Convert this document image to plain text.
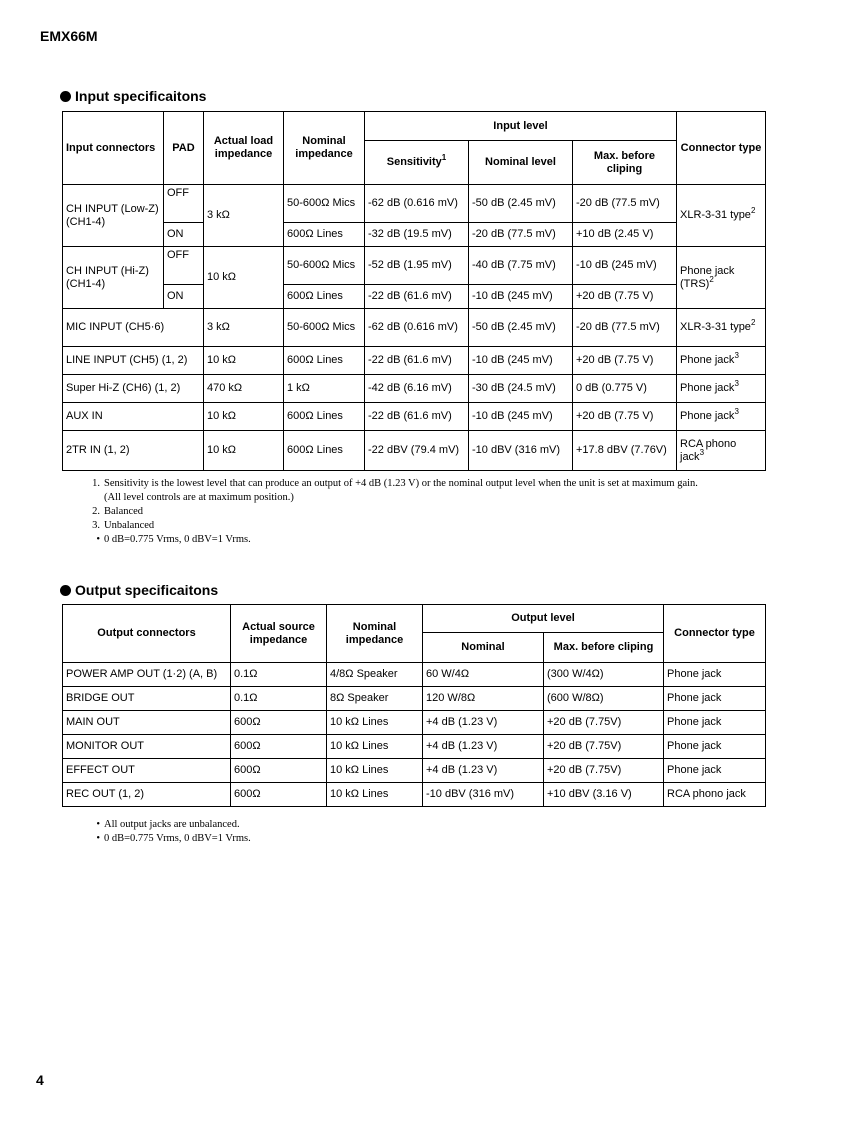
EMX66M
Input specificaitons
Input connectors	PAD	Actual load impedance	Nominal impedance	Input level			Connector type
				Sensitivity$^1$	Nominal level	Max. before cliping	
CH INPUT (Low-Z) (CH1-4)	OFF	3 kΩ	50-600Ω Mics	-62 dB (0.616 mV)	-50 dB (2.45 mV)	-20 dB (77.5 mV)	XLR-3-31 type$^2$
	ON		600Ω Lines	-32 dB (19.5 mV)	-20 dB (77.5 mV)	+10 dB (2.45 V)	
CH INPUT (Hi-Z) (CH1-4)	OFF	10 kΩ	50-600Ω Mics	-52 dB (1.95 mV)	-40 dB (7.75 mV)	-10 dB (245 mV)	Phone jack (TRS)$^2$
	ON		600Ω Lines	-22 dB (61.6 mV)	-10 dB (245 mV)	+20 dB (7.75 V)	
MIC INPUT (CH5·6)		3 kΩ	50-600Ω Mics	-62 dB (0.616 mV)	-50 dB (2.45 mV)	-20 dB (77.5 mV)	XLR-3-31 type$^2$
LINE INPUT (CH5) (1, 2)		10 kΩ	600Ω Lines	-22 dB (61.6 mV)	-10 dB (245 mV)	+20 dB (7.75 V)	Phone jack$^3$
Super Hi-Z (CH6) (1, 2)		470 kΩ	1 kΩ	-42 dB (6.16 mV)	-30 dB (24.5 mV)	0 dB (0.775 V)	Phone jack$^3$
AUX IN		10 kΩ	600Ω Lines	-22 dB (61.6 mV)	-10 dB (245 mV)	+20 dB (7.75 V)	Phone jack$^3$
2TR IN (1, 2)		10 kΩ	600Ω Lines	-22 dBV (79.4 mV)	-10 dBV (316 mV)	+17.8 dBV (7.76V)	RCA phono jack$^3$
1. Sensitivity is the lowest level that can produce an output of +4 dB (1.23 V) or the nominal output level when the unit is set at maximum gain.
(All level controls are at maximum position.)
2. Balanced
3. Unbalanced
• 0 dB=0.775 Vrms, 0 dBV=1 Vrms.
Output specificaitons
Output connectors	Actual source impedance	Nominal impedance	Output level		Connector type
			Nominal	Max. before cliping	
POWER AMP OUT (1·2) (A, B)	0.1Ω	4/8Ω Speaker	60 W/4Ω	(300 W/4Ω)	Phone jack
BRIDGE OUT	0.1Ω	8Ω Speaker	120 W/8Ω	(600 W/8Ω)	Phone jack
MAIN OUT	600Ω	10 kΩ Lines	+4 dB (1.23 V)	+20 dB (7.75V)	Phone jack
MONITOR OUT	600Ω	10 kΩ Lines	+4 dB (1.23 V)	+20 dB (7.75V)	Phone jack
EFFECT OUT	600Ω	10 kΩ Lines	+4 dB (1.23 V)	+20 dB (7.75V)	Phone jack
REC OUT (1, 2)	600Ω	10 kΩ Lines	-10 dBV (316 mV)	+10 dBV (3.16 V)	RCA phono jack
• All output jacks are unbalanced.
• 0 dB=0.775 Vrms, 0 dBV=1 Vrms.
4
